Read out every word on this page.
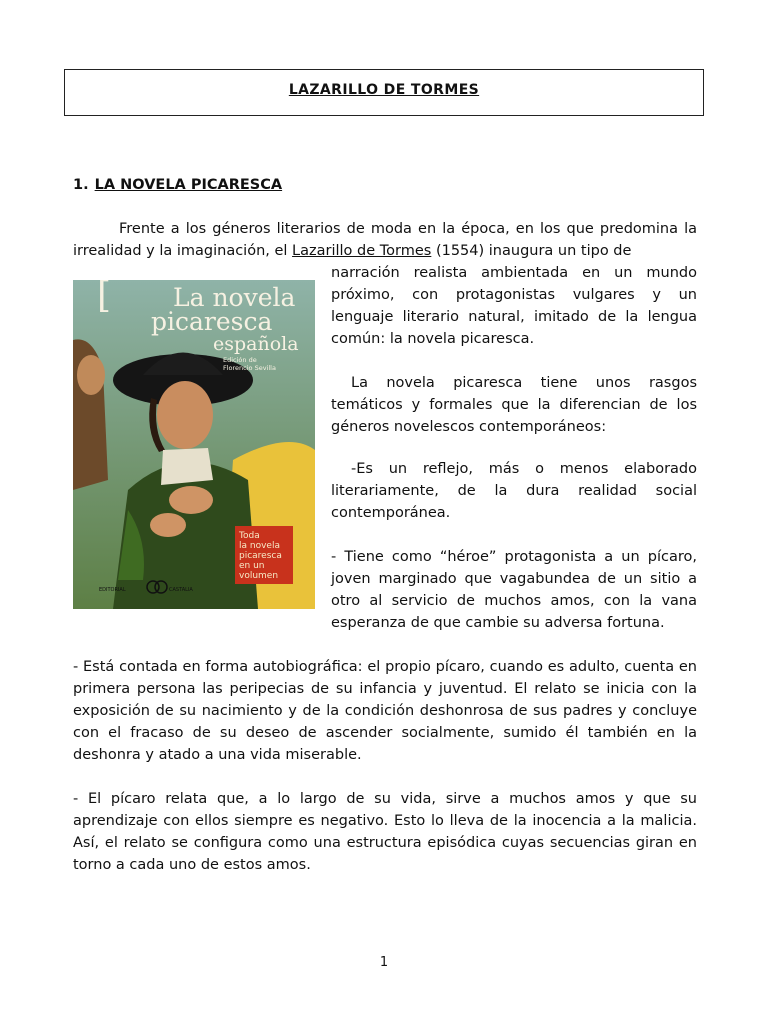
LAZARILLO DE TORMES
1. LA NOVELA PICARESCA
Frente a los géneros literarios de moda en la época, en los que predomina la irrealidad y la imaginación, el Lazarillo de Tormes (1554) inaugura un tipo de
[ La novela
picaresca
española
Edición de
Florencio Sevilla
Toda
la novela
picaresca
en un
volumen
EDITORIAL	CASTALIA
narración realista ambientada en un mundo próximo, con protagonistas vulgares y un lenguaje literario natural, imitado de la lengua común: la novela picaresca.
La novela picaresca tiene unos rasgos temáticos y formales que la diferencian de los géneros novelescos contemporáneos:
-Es un reflejo, más o menos elaborado literariamente, de la dura realidad social contemporánea.
- Tiene como “héroe” protagonista a un pícaro, joven marginado que vagabundea de un sitio a otro al servicio de muchos amos, con la vana esperanza de que cambie su adversa fortuna.
- Está contada en forma autobiográfica: el propio pícaro, cuando es adulto, cuenta en primera persona las peripecias de su infancia y juventud. El relato se inicia con la exposición de su nacimiento y de la condición deshonrosa de sus padres y concluye con el fracaso de su deseo de ascender socialmente, sumido él también en la deshonra y atado a una vida miserable.
- El pícaro relata que, a lo largo de su vida, sirve a muchos amos y que su aprendizaje con ellos siempre es negativo. Esto lo lleva de la inocencia a la malicia. Así, el relato se configura como una estructura episódica cuyas secuencias giran en torno a cada uno de estos amos.
1
